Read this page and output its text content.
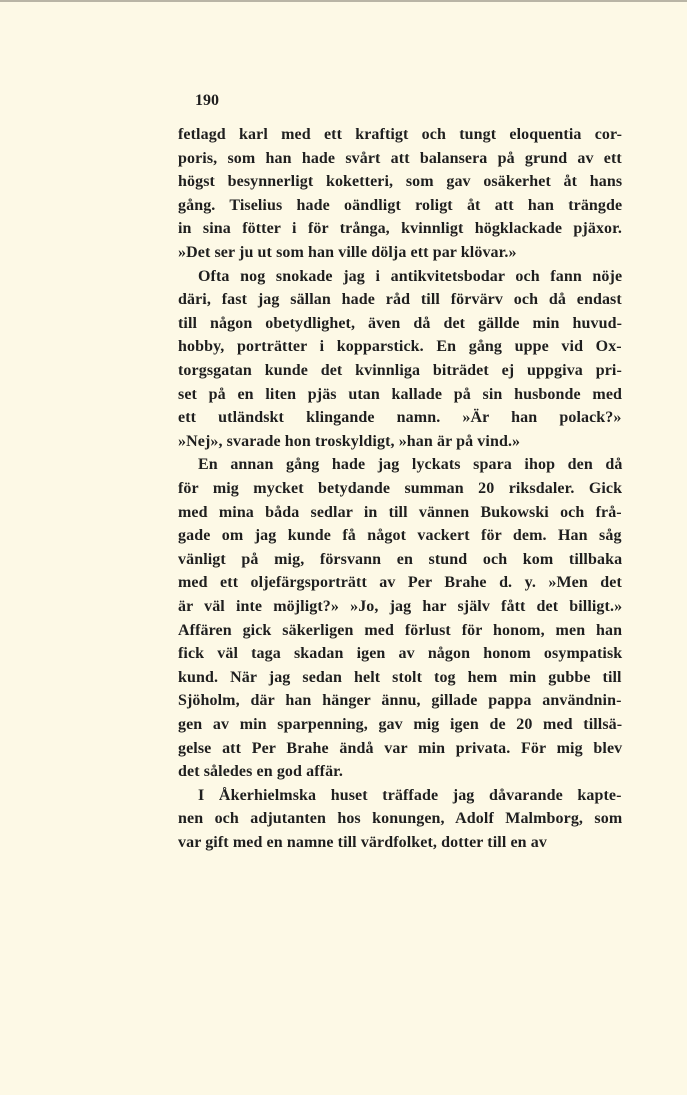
190
fetlagd karl med ett kraftigt och tungt eloquentia cor-
poris, som han hade svårt att balansera på grund av ett
högst besynnerligt koketteri, som gav osäkerhet åt hans
gång. Tiselius hade oändligt roligt åt att han trängde
in sina fötter i för trånga, kvinnligt högklackade pjäxor.
»Det ser ju ut som han ville dölja ett par klövar.»
Ofta nog snokade jag i antikvitetsbodar och fann nöje
däri, fast jag sällan hade råd till förvärv och då endast
till någon obetydlighet, även då det gällde min huvud-
hobby, porträtter i kopparstick. En gång uppe vid Ox-
torgsgatan kunde det kvinnliga biträdet ej uppgiva pri-
set på en liten pjäs utan kallade på sin husbonde med
ett utländskt klingande namn. »Är han polack?»
»Nej», svarade hon troskyldigt, »han är på vind.»
En annan gång hade jag lyckats spara ihop den då
för mig mycket betydande summan 20 riksdaler. Gick
med mina båda sedlar in till vännen Bukowski och frå-
gade om jag kunde få något vackert för dem. Han såg
vänligt på mig, försvann en stund och kom tillbaka
med ett oljefärgsporträtt av Per Brahe d. y. »Men det
är väl inte möjligt?» »Jo, jag har själv fått det billigt.»
Affären gick säkerligen med förlust för honom, men han
fick väl taga skadan igen av någon honom osympatisk
kund. När jag sedan helt stolt tog hem min gubbe till
Sjöholm, där han hänger ännu, gillade pappa användnin-
gen av min sparpenning, gav mig igen de 20 med tillsä-
gelse att Per Brahe ändå var min privata. För mig blev
det således en god affär.
I Åkerhielmska huset träffade jag dåvarande kapte-
nen och adjutanten hos konungen, Adolf Malmborg, som
var gift med en namne till värdfolket, dotter till en av
